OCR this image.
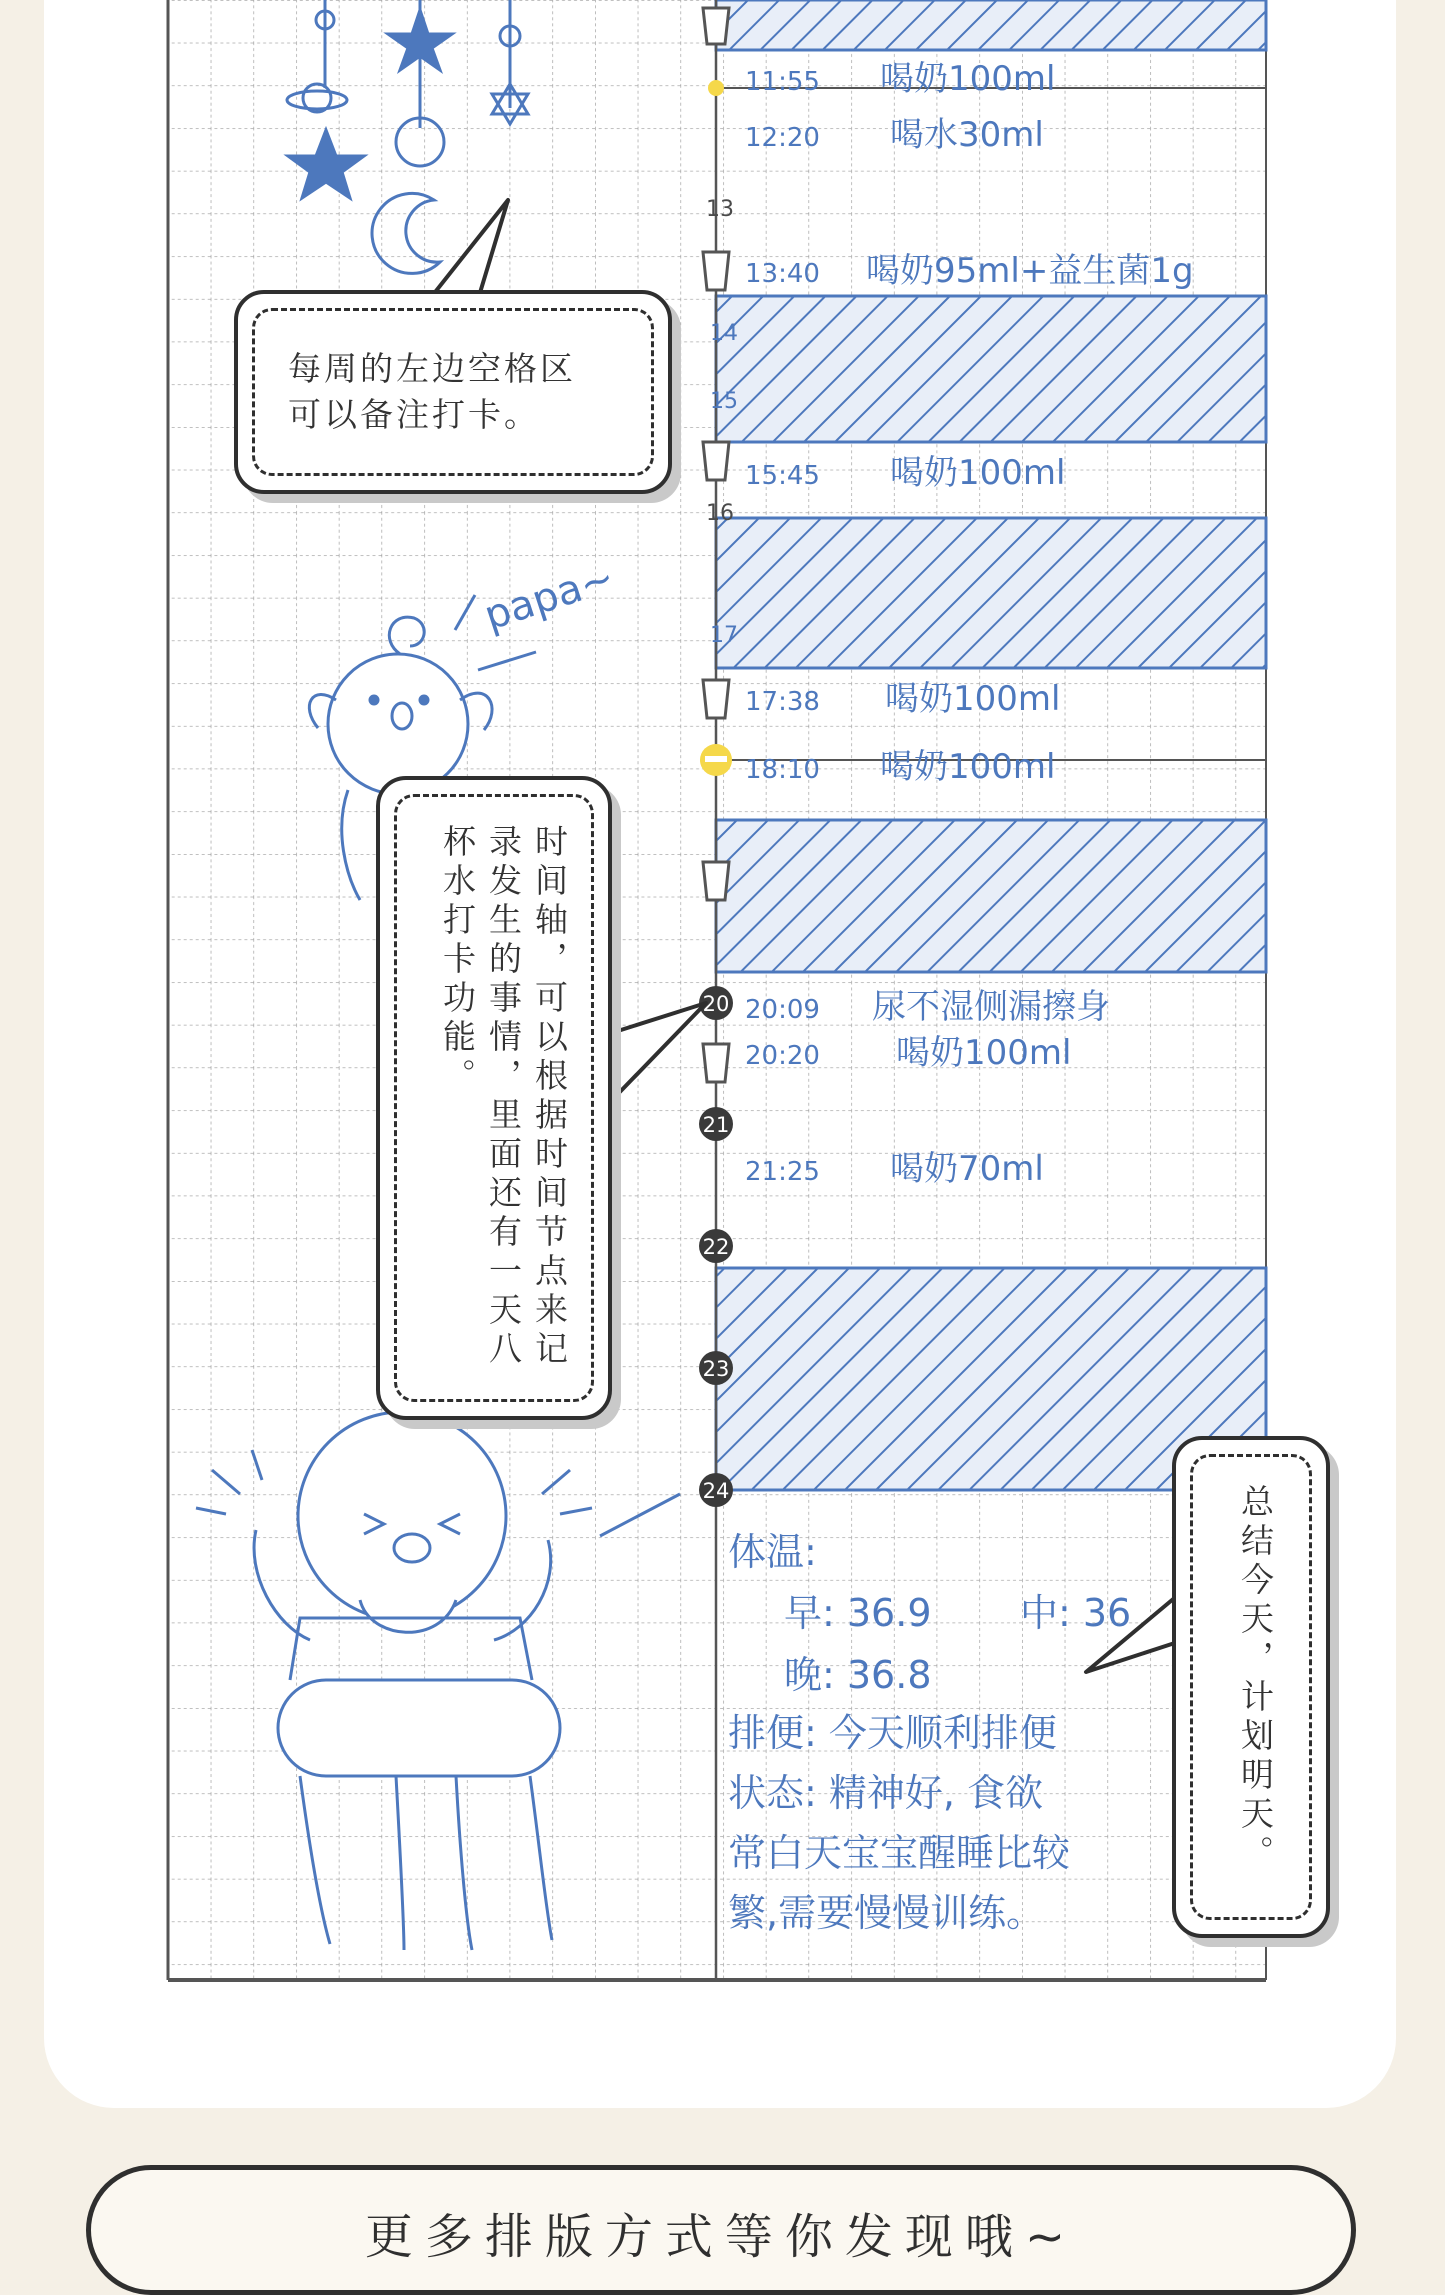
13
14
15
16
17
20
21
22
23
24
11:55 喝奶100ml
12:20 喝水30ml
13:40 喝奶95ml+益生菌1g
15:45 喝奶100ml
17:38 喝奶100ml
18:10 喝奶100ml
20:09 尿不湿侧漏擦身
20:20 喝奶100ml
21:25 喝奶70ml
体温:
早: 36.9 中: 36
晚: 36.8
排便: 今天顺利排便
状态: 精神好, 食欲
常白天宝宝醒睡比较
繁,需要慢慢训练。
papa~
每周的左边空格区
可以备注打卡。
时间轴，可以根据时间节点来记录发生的事情，里面还有一天八杯水打卡功能。
总结今天，计划明天。
更多排版方式等你发现哦~
